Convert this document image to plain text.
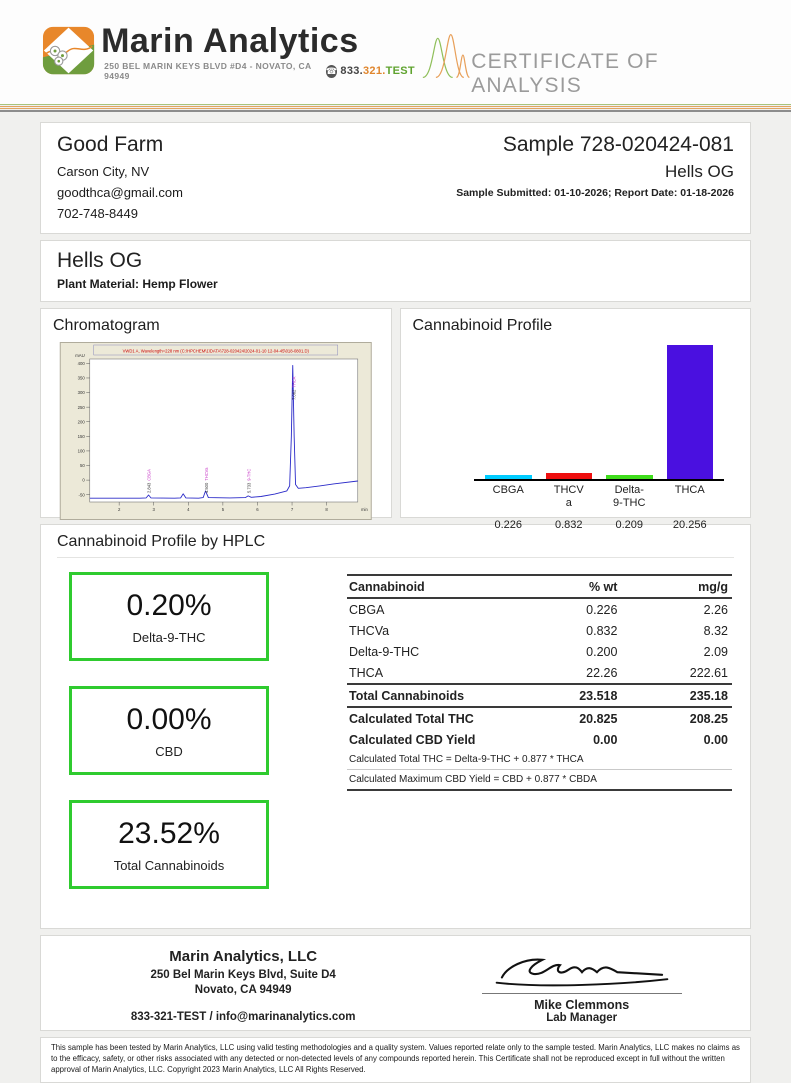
Marin Analytics
250 BEL MARIN KEYS BLVD #D4 - NOVATO, CA 94949
☎ 833.321.TEST	CERTIFICATE OF ANALYSIS
Good Farm
Carson City, NV
goodthca@gmail.com
702-748-8449
Sample 728-020424-081
Hells OG
Sample Submitted: 01-10-2026; Report Date: 01-18-2026
Hells OG
Plant Material: Hemp Flower
Chromatogram
VWD1 A, Wavelength=228 nm (C:\HPCHEM\1\DATA\728-020424\2024-01-10 12-04-45\018-0801.D)
mAU
400
350
300
250
200
150
100
50
0
-50
2	3	4	5	6	7	8	min
2.843CBGA
4.500THCVa
5.7339-THC
7.062THCA
Cannabinoid Profile
CBGA	THCV
a
Delta-
9-THC
THCA
0.226	0.832	0.209	20.256
Cannabinoid Profile by HPLC
0.20%
Delta-9-THC
0.00%
CBD
23.52%
Total Cannabinoids
Cannabinoid	% wt	mg/g
CBGA	0.226	2.26
THCVa	0.832	8.32
Delta-9-THC	0.200	2.09
THCA	22.26	222.61
Total Cannabinoids	23.518	235.18
Calculated Total THC	20.825	208.25
Calculated CBD Yield	0.00	0.00
Calculated Total THC = Delta-9-THC + 0.877 * THCA		
Calculated Maximum CBD Yield = CBD + 0.877 * CBDA		
Marin Analytics, LLC
250 Bel Marin Keys Blvd, Suite D4
Novato, CA 94949
833-321-TEST / info@marinanalytics.com
Mike Clemmons
Lab Manager
This sample has been tested by Marin Analytics, LLC using valid testing methodologies and a quality system. Values reported relate only to the sample tested. Marin Analytics, LLC makes no claims as to the efficacy, safety, or other risks associated with any detected or non-detected levels of any compounds reported herein. This Certificate shall not be reproduced except in full without the written approval of Marin Analytics, LLC. Copyright 2023 Marin Analytics, LLC All Rights Reserved.
